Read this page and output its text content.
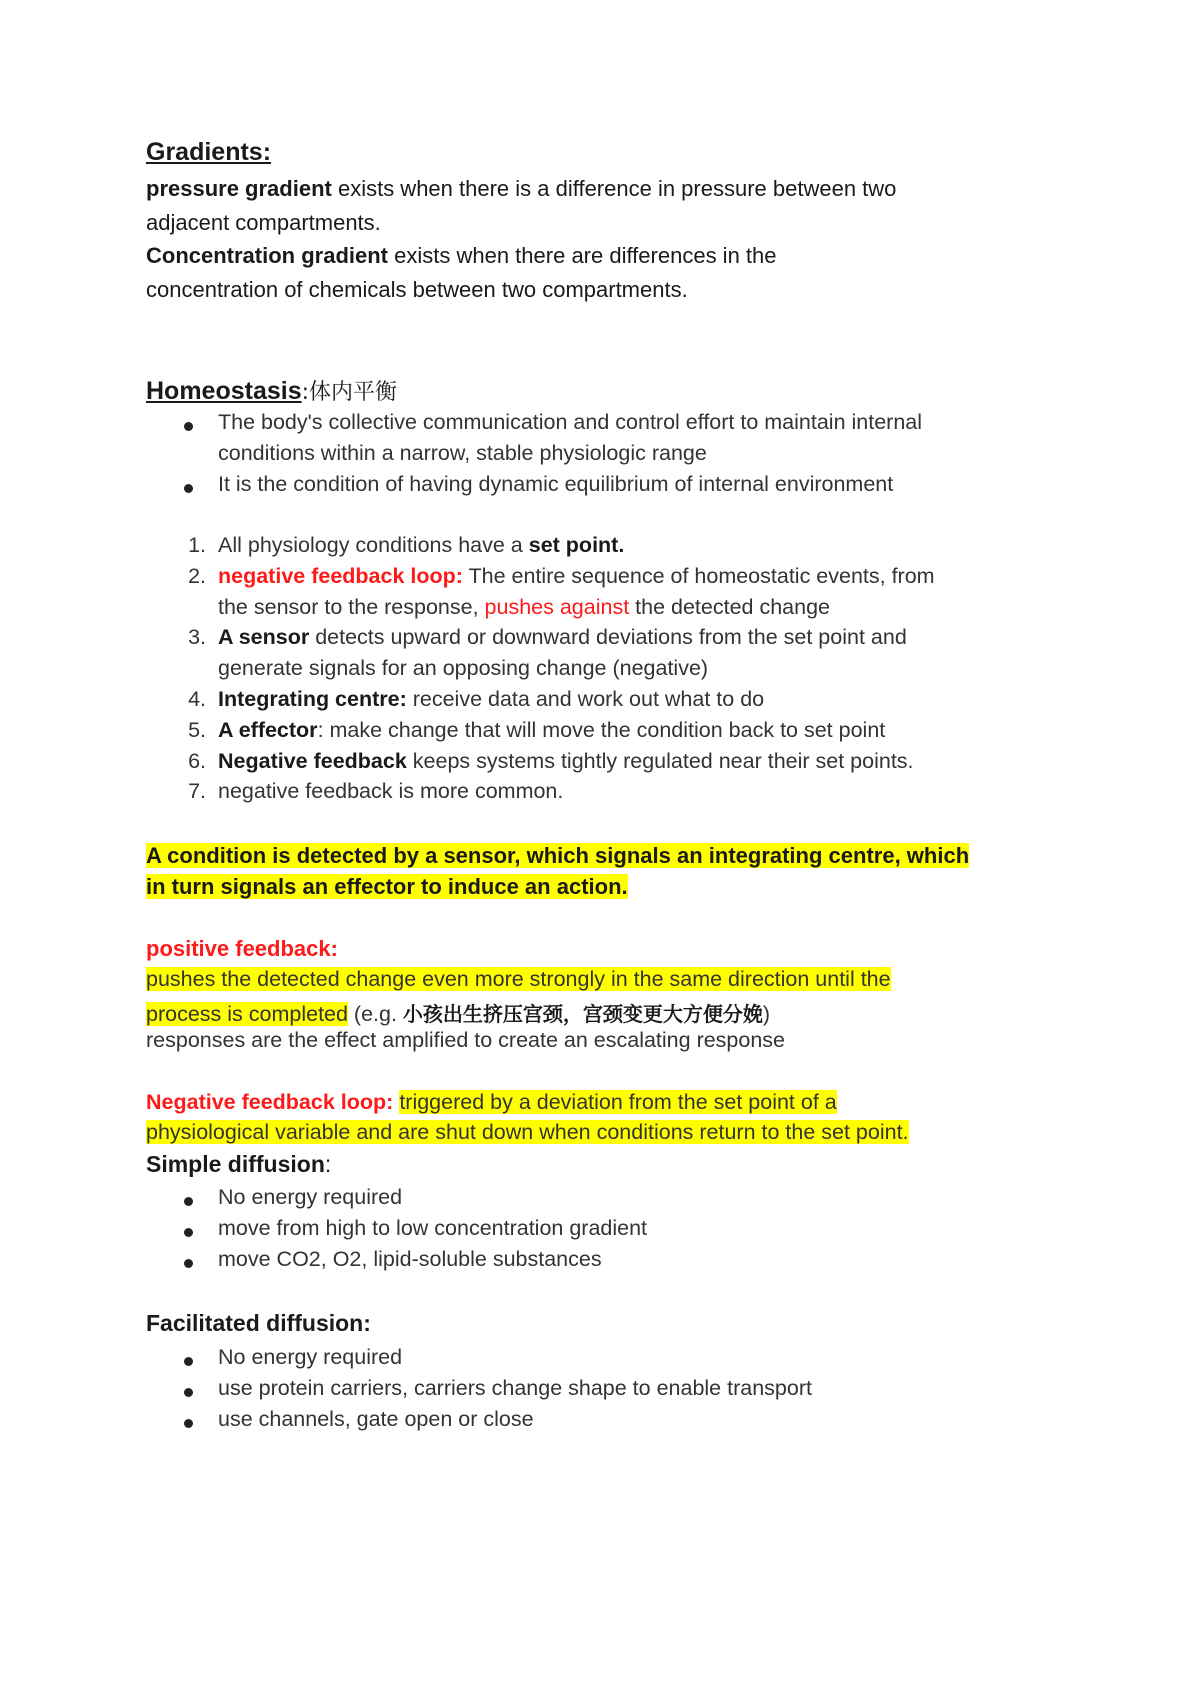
Gradients:
pressure gradient exists when there is a difference in pressure between two
adjacent compartments.
Concentration gradient exists when there are differences in the
concentration of chemicals between two compartments.
Homeostasis:体内平衡
The body's collective communication and control effort to maintain internal
conditions within a narrow, stable physiologic range
It is the condition of having dynamic equilibrium of internal environment
1. All physiology conditions have a set point.
2. negative feedback loop: The entire sequence of homeostatic events, from
the sensor to the response, pushes against the detected change
3. A sensor detects upward or downward deviations from the set point and
generate signals for an opposing change (negative)
4. Integrating centre: receive data and work out what to do
5. A effector: make change that will move the condition back to set point
6. Negative feedback keeps systems tightly regulated near their set points.
7. negative feedback is more common.
A condition is detected by a sensor, which signals an integrating centre, which
in turn signals an effector to induce an action.
positive feedback:
pushes the detected change even more strongly in the same direction until the
process is completed (e.g. 小孩出生挤压宫颈，宫颈变更大方便分娩)
responses are the effect amplified to create an escalating response
Negative feedback loop: triggered by a deviation from the set point of a
physiological variable and are shut down when conditions return to the set point.
Simple diffusion:
No energy required
move from high to low concentration gradient
move CO2, O2, lipid-soluble substances
Facilitated diffusion:
No energy required
use protein carriers, carriers change shape to enable transport
use channels, gate open or close
